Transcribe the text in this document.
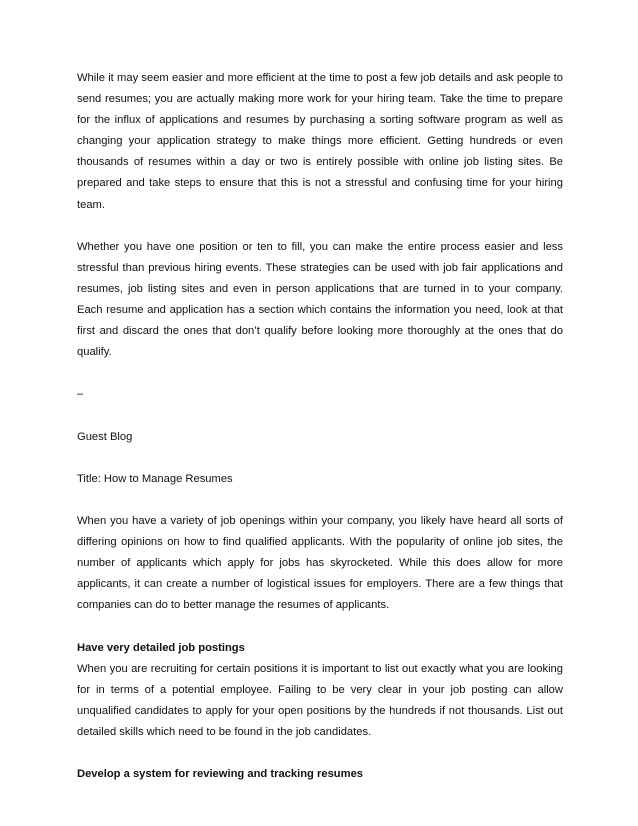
While it may seem easier and more efficient at the time to post a few job details and ask people to send resumes; you are actually making more work for your hiring team. Take the time to prepare for the influx of applications and resumes by purchasing a sorting software program as well as changing your application strategy to make things more efficient. Getting hundreds or even thousands of resumes within a day or two is entirely possible with online job listing sites. Be prepared and take steps to ensure that this is not a stressful and confusing time for your hiring team.

Whether you have one position or ten to fill, you can make the entire process easier and less stressful than previous hiring events. These strategies can be used with job fair applications and resumes, job listing sites and even in person applications that are turned in to your company. Each resume and application has a section which contains the information you need, look at that first and discard the ones that don’t qualify before looking more thoroughly at the ones that do qualify.

–

Guest Blog

Title: How to Manage Resumes

When you have a variety of job openings within your company, you likely have heard all sorts of differing opinions on how to find qualified applicants. With the popularity of online job sites, the number of applicants which apply for jobs has skyrocketed. While this does allow for more applicants, it can create a number of logistical issues for employers. There are a few things that companies can do to better manage the resumes of applicants.

Have very detailed job postings

When you are recruiting for certain positions it is important to list out exactly what you are looking for in terms of a potential employee. Failing to be very clear in your job posting can allow unqualified candidates to apply for your open positions by the hundreds if not thousands. List out detailed skills which need to be found in the job candidates.

Develop a system for reviewing and tracking resumes
